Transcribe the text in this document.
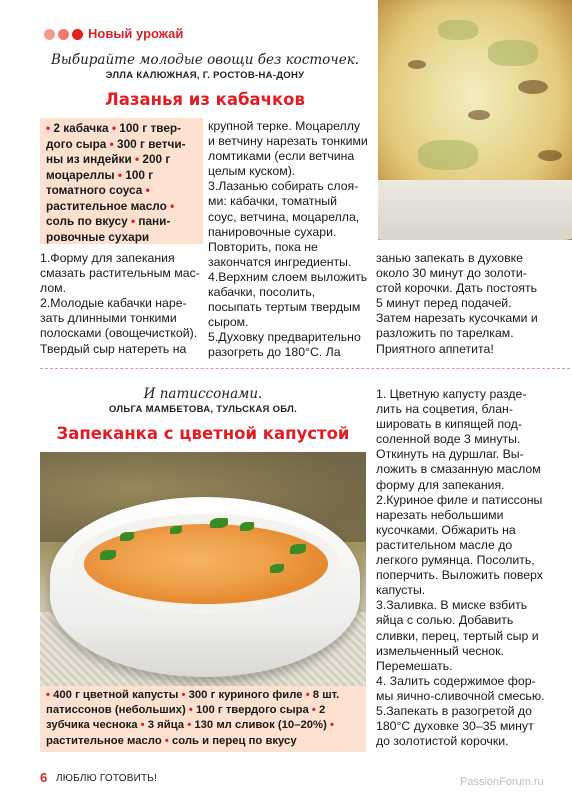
Новый урожай
Выбирайте молодые овощи без косточек.
ЭЛЛА КАЛЮЖНАЯ, Г. РОСТОВ-НА-ДОНУ
Лазанья из кабачков
• 2 кабачка • 100 г твердого сыра • 300 г ветчины из индейки • 200 г моцареллы • 100 г томатного соуса • растительное масло • соль по вкусу • панировочные сухари

1.Форму для запекания смазать растительным маслом.
2.Молодые кабачки нарезать длинными тонкими полосками (овощечисткой). Твердый сыр натереть на

крупной терке. Моцареллу и ветчину нарезать тонкими ломтиками (если ветчина целым куском).
3.Лазанью собирать слоями: кабачки, томатный соус, ветчина, моцарелла, панировочные сухари. Повторить, пока не закончатся ингредиенты.
4.Верхним слоем выложить кабачки, посолить, посыпать тертым твердым сыром.
5.Духовку предварительно разогреть до 180°С. Ла

занью запекать в духовке около 30 минут до золотистой корочки. Дать постоять 5 минут перед подачей. Затем нарезать кусочками и разложить по тарелкам. Приятного аппетита!

И патиссонами.
ОЛЬГА МАМБЕТОВА, ТУЛЬСКАЯ ОБЛ.
Запеканка с цветной капустой
• 400 г цветной капусты • 300 г куриного филе • 8 шт. патиссонов (небольших) • 100 г твердого сыра • 2 зубчика чеснока • 3 яйца • 130 мл сливок (10–20%) • растительное масло • соль и перец по вкусу

1. Цветную капусту разделить на соцветия, бланшировать в кипящей подсоленной воде 3 минуты. Откинуть на дуршлаг. Выложить в смазанную маслом форму для запекания.
2.Куриное филе и патиссоны нарезать небольшими кусочками. Обжарить на растительном масле до легкого румянца. Посолить, поперчить. Выложить поверх капусты.
3.Заливка. В миске взбить яйца с солью. Добавить сливки, перец, тертый сыр и измельченный чеснок. Перемешать.
4. Залить содержимое формы яично-сливочной смесью.
5.Запекать в разогретой до 180°С духовке 30–35 минут до золотистой корочки.

6 ЛЮБЛЮ ГОТОВИТЬ!	PassionForum.ru
